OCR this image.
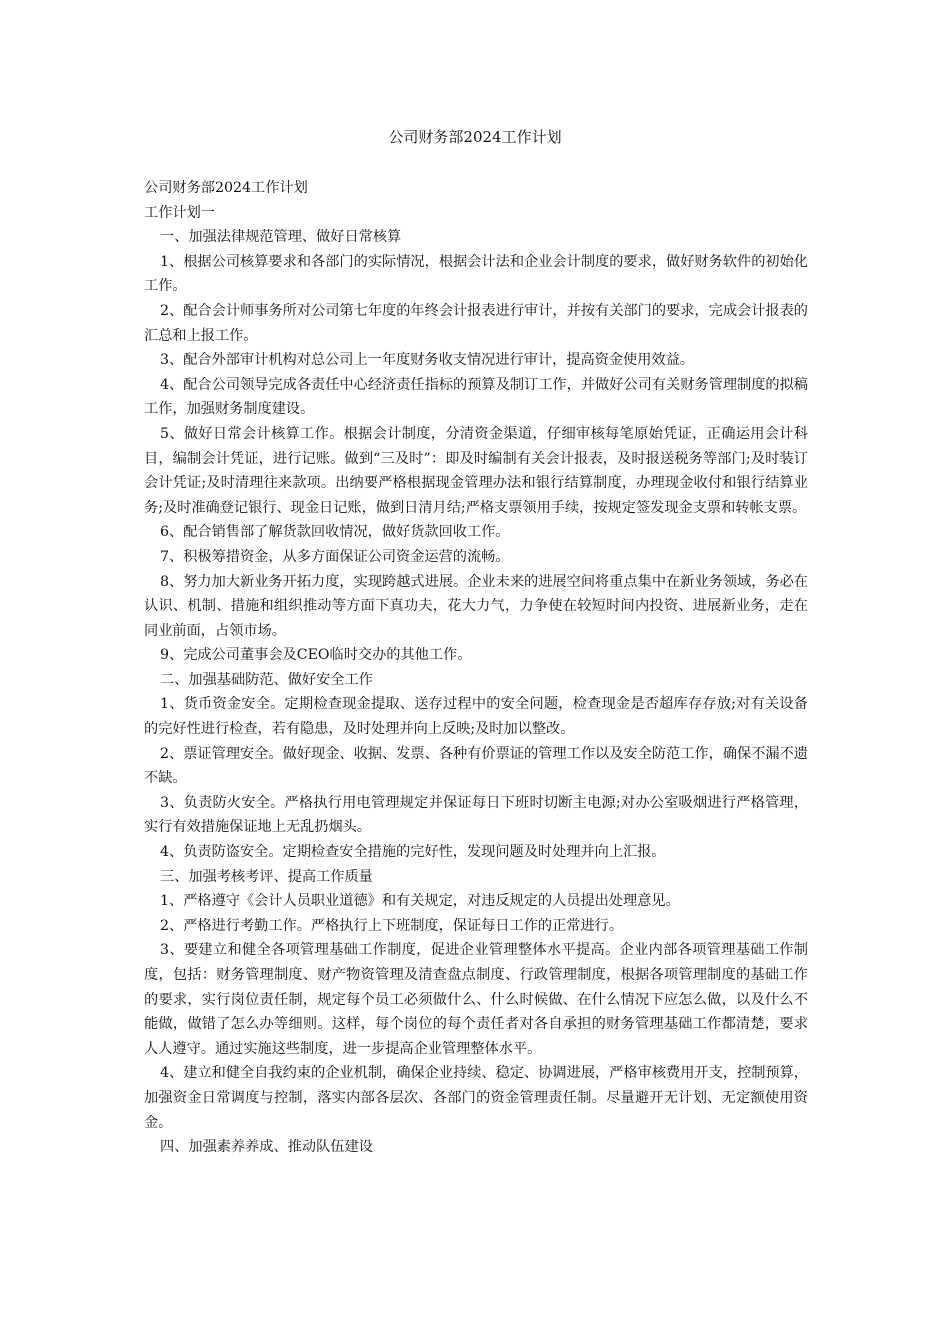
公司财务部2024工作计划

公司财务部2024工作计划

工作计划一

一、加强法律规范管理、做好日常核算

1、根据公司核算要求和各部门的实际情况，根据会计法和企业会计制度的要求，做好财务软件的初始化工作。

2、配合会计师事务所对公司第七年度的年终会计报表进行审计，并按有关部门的要求，完成会计报表的汇总和上报工作。

3、配合外部审计机构对总公司上一年度财务收支情况进行审计，提高资金使用效益。

4、配合公司领导完成各责任中心经济责任指标的预算及制订工作，并做好公司有关财务管理制度的拟稿工作，加强财务制度建设。

5、做好日常会计核算工作。根据会计制度，分清资金渠道，仔细审核每笔原始凭证，正确运用会计科目，编制会计凭证，进行记账。做到“三及时”：即及时编制有关会计报表，及时报送税务等部门;及时装订会计凭证;及时清理往来款项。出纳要严格根据现金管理办法和银行结算制度，办理现金收付和银行结算业务;及时准确登记银行、现金日记账，做到日清月结;严格支票领用手续，按规定签发现金支票和转帐支票。

6、配合销售部了解货款回收情况，做好货款回收工作。

7、积极筹措资金，从多方面保证公司资金运营的流畅。

8、努力加大新业务开拓力度，实现跨越式进展。企业未来的进展空间将重点集中在新业务领域，务必在认识、机制、措施和组织推动等方面下真功夫，花大力气，力争使在较短时间内投资、进展新业务，走在同业前面，占领市场。

9、完成公司董事会及CEO临时交办的其他工作。

二、加强基础防范、做好安全工作

1、货币资金安全。定期检查现金提取、送存过程中的安全问题，检查现金是否超库存存放;对有关设备的完好性进行检查，若有隐患，及时处理并向上反映;及时加以整改。

2、票证管理安全。做好现金、收据、发票、各种有价票证的管理工作以及安全防范工作，确保不漏不遗不缺。

3、负责防火安全。严格执行用电管理规定并保证每日下班时切断主电源;对办公室吸烟进行严格管理，实行有效措施保证地上无乱扔烟头。

4、负责防盗安全。定期检查安全措施的完好性，发现问题及时处理并向上汇报。

三、加强考核考评、提高工作质量

1、严格遵守《会计人员职业道德》和有关规定，对违反规定的人员提出处理意见。

2、严格进行考勤工作。严格执行上下班制度，保证每日工作的正常进行。

3、要建立和健全各项管理基础工作制度，促进企业管理整体水平提高。企业内部各项管理基础工作制度，包括：财务管理制度、财产物资管理及清查盘点制度、行政管理制度，根据各项管理制度的基础工作的要求，实行岗位责任制，规定每个员工必须做什么、什么时候做、在什么情况下应怎么做，以及什么不能做，做错了怎么办等细则。这样，每个岗位的每个责任者对各自承担的财务管理基础工作都清楚，要求人人遵守。通过实施这些制度，进一步提高企业管理整体水平。

4、建立和健全自我约束的企业机制，确保企业持续、稳定、协调进展，严格审核费用开支，控制预算，加强资金日常调度与控制，落实内部各层次、各部门的资金管理责任制。尽量避开无计划、无定额使用资金。

四、加强素养养成、推动队伍建设
